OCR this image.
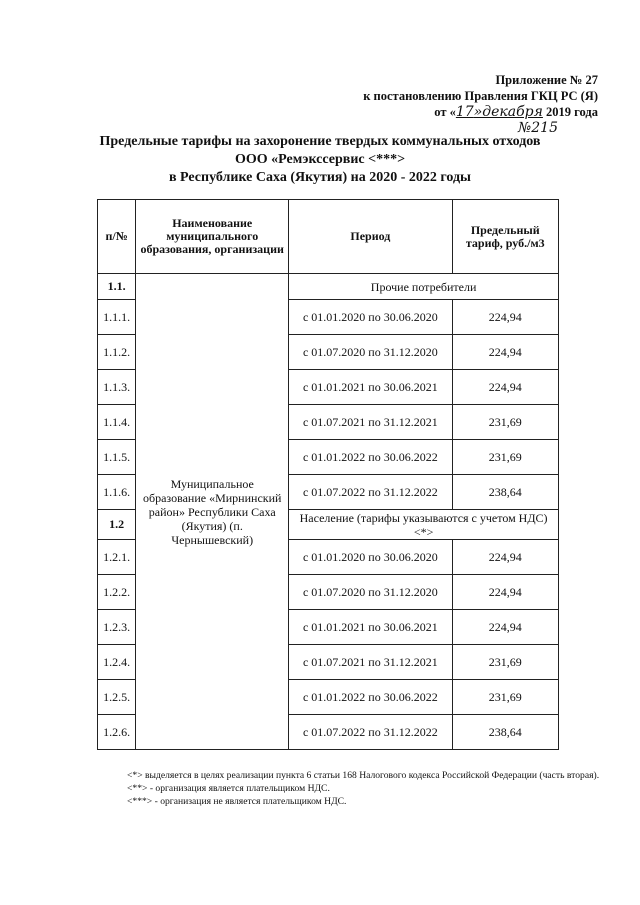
Приложение № 27
к постановлению Правления ГКЦ РС (Я)
от «17»декабря 2019 года
№215
Предельные тарифы на захоронение твердых коммунальных отходов
ООО «Ремэкссервис <***>
в Республике Саха (Якутия) на 2020 - 2022 годы
п/№	Наименование муниципального образования, организации	Период	Предельный тариф, руб./м3
1.1.	Муниципальное образование «Мирнинский район» Республики Саха (Якутия) (п. Чернышевский)	Прочие потребители	
1.1.1.		с 01.01.2020 по 30.06.2020	224,94
1.1.2.		с 01.07.2020 по 31.12.2020	224,94
1.1.3.		с 01.01.2021 по 30.06.2021	224,94
1.1.4.		с 01.07.2021 по 31.12.2021	231,69
1.1.5.		с 01.01.2022 по 30.06.2022	231,69
1.1.6.		с 01.07.2022 по 31.12.2022	238,64
1.2		Население (тарифы указываются с учетом НДС) <*>	
1.2.1.		с 01.01.2020 по 30.06.2020	224,94
1.2.2.		с 01.07.2020 по 31.12.2020	224,94
1.2.3.		с 01.01.2021 по 30.06.2021	224,94
1.2.4.		с 01.07.2021 по 31.12.2021	231,69
1.2.5.		с 01.01.2022 по 30.06.2022	231,69
1.2.6.		с 01.07.2022 по 31.12.2022	238,64

<*> выделяется в целях реализации пункта 6 статьи 168 Налогового кодекса Российской Федерации (часть вторая).

<**> - организация является плательщиком НДС.

<***> - организация не является плательщиком НДС.
